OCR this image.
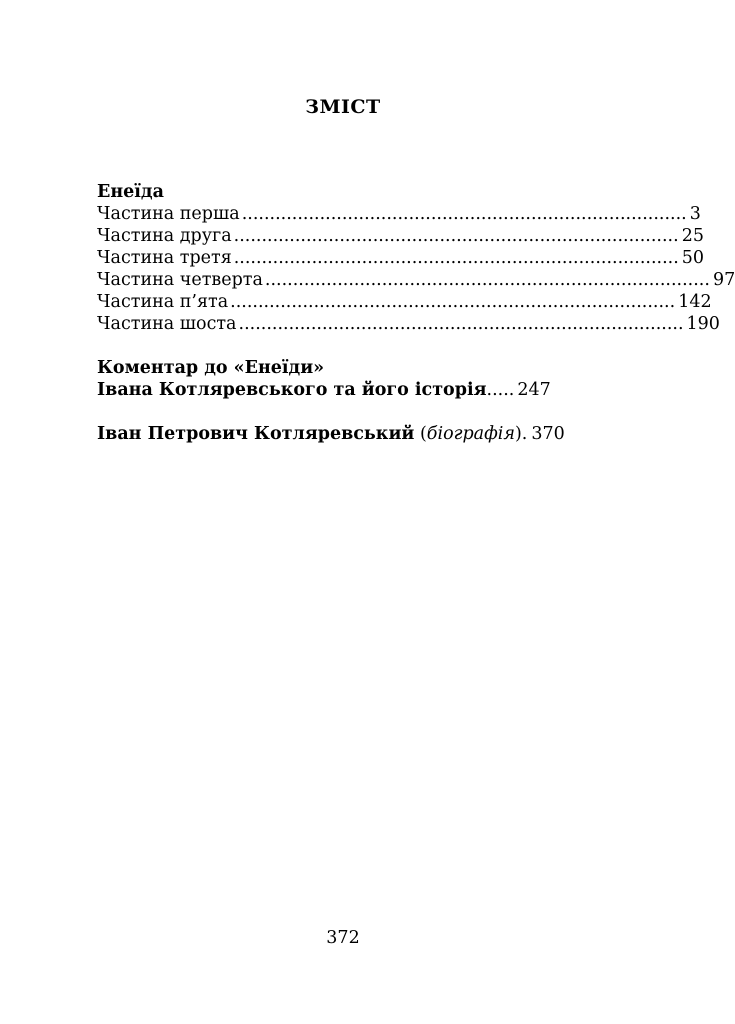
ЗМІСТ
Енеїда
Частина перша ................................................................................ 3
Частина друга ................................................................................ 25
Частина третя ................................................................................ 50
Частина четверта ................................................................................ 97
Частина п’ята ................................................................................ 142
Частина шоста ................................................................................ 190
Коментар до «Енеїди»
Івана Котляревського та його історія ..... 247
Іван Петрович Котляревський ( біографія ). 370
372
